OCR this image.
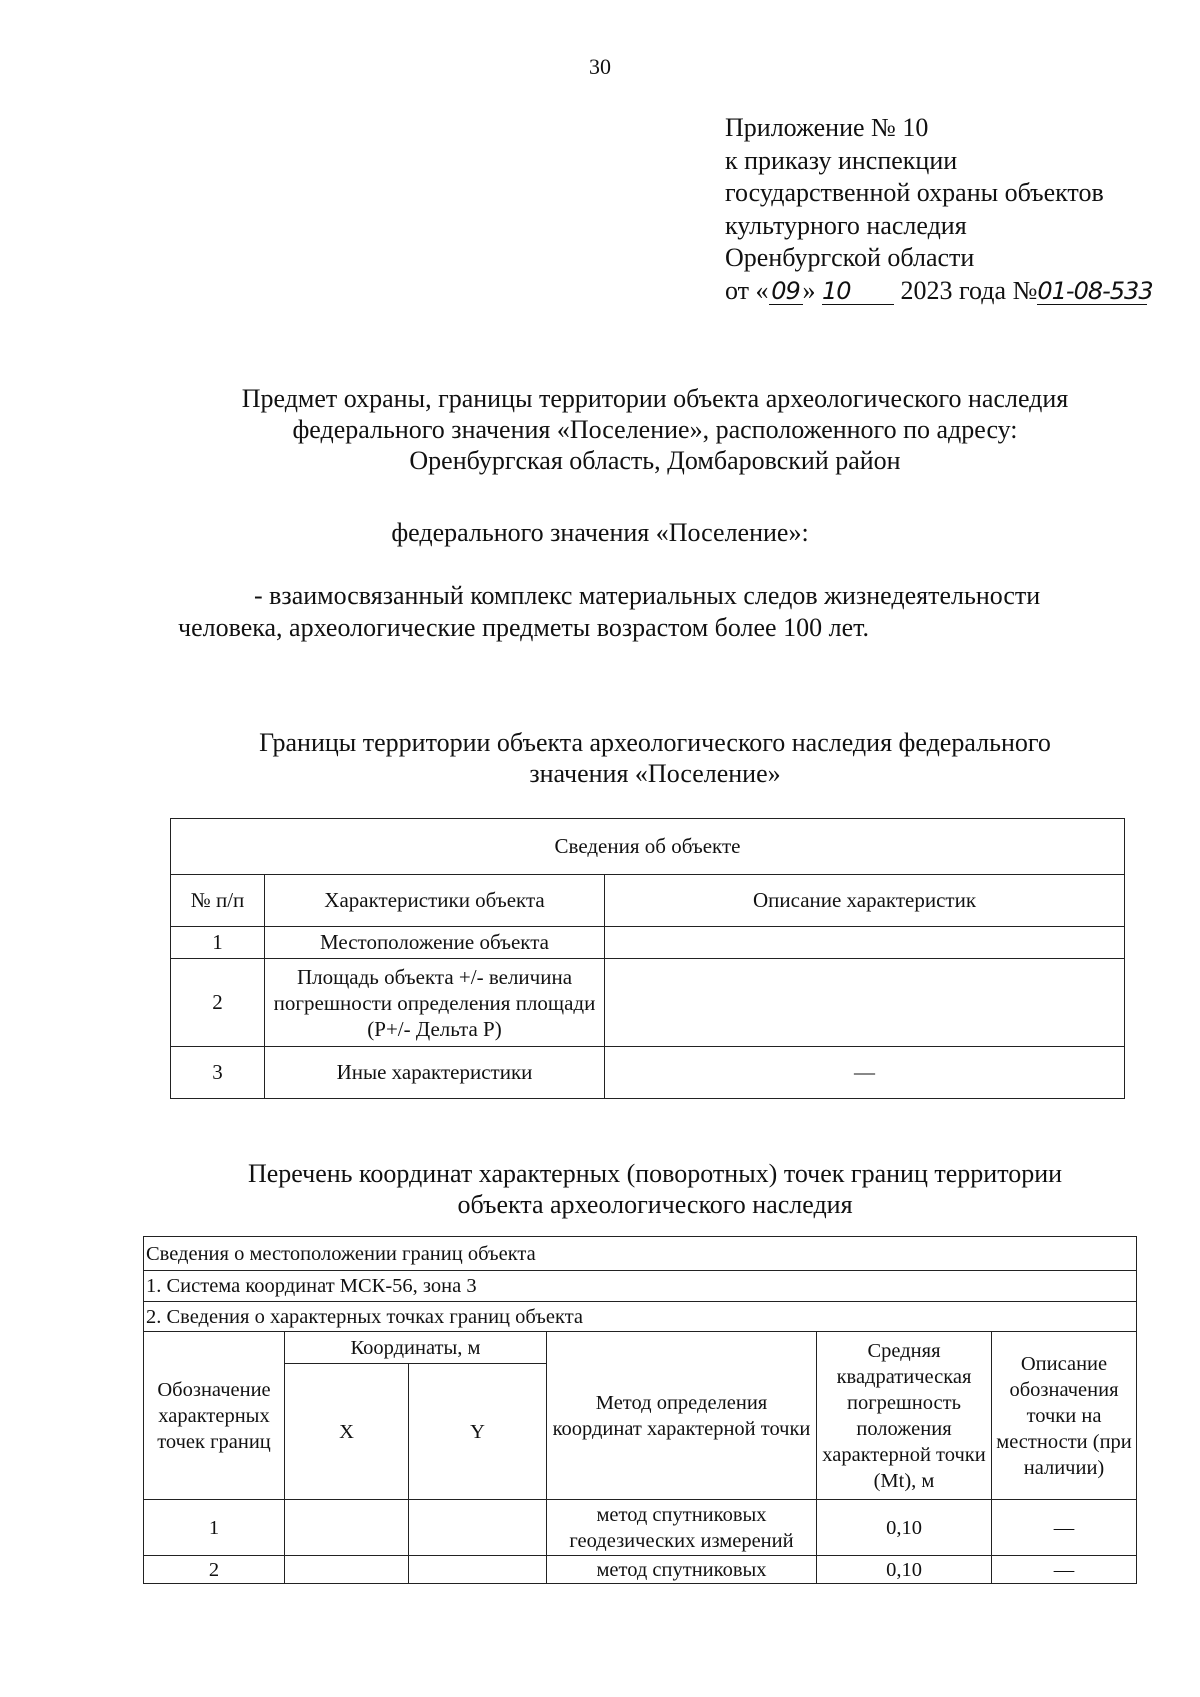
30
Приложение № 10
к приказу инспекции
государственной охраны объектов
культурного наследия
Оренбургской области
от « 09 » 10 2023 года №01-08-533
Предмет охраны, границы территории объекта археологического наследия
федерального значения «Поселение», расположенного по адресу:
Оренбургская область, Домбаровский район
федерального значения «Поселение»:
- взаимосвязанный комплекс материальных следов жизнедеятельности
человека, археологические предметы возрастом более 100 лет.
Границы территории объекта археологического наследия федерального
значения «Поселение»
Сведения об объекте		
№ п/п	Характеристики объекта	Описание характеристик
1	Местоположение объекта	
2	Площадь объекта +/- величина погрешности определения площади (Р+/- Дельта Р)	
3	Иные характеристики	—
Перечень координат характерных (поворотных) точек границ территории
объекта археологического наследия
Сведения о местоположении границ объекта					
1. Система координат МСК-56, зона 3					
2. Сведения о характерных точках границ объекта					
Обозначение характерных точек границ	Координаты, м		Метод определения координат характерной точки	Средняя квадратическая погрешность положения характерной точки (Mt), м	Описание обозначения точки на местности (при наличии)
	X	Y			
1			метод спутниковых геодезических измерений	0,10	—
2			метод спутниковых	0,10	—
